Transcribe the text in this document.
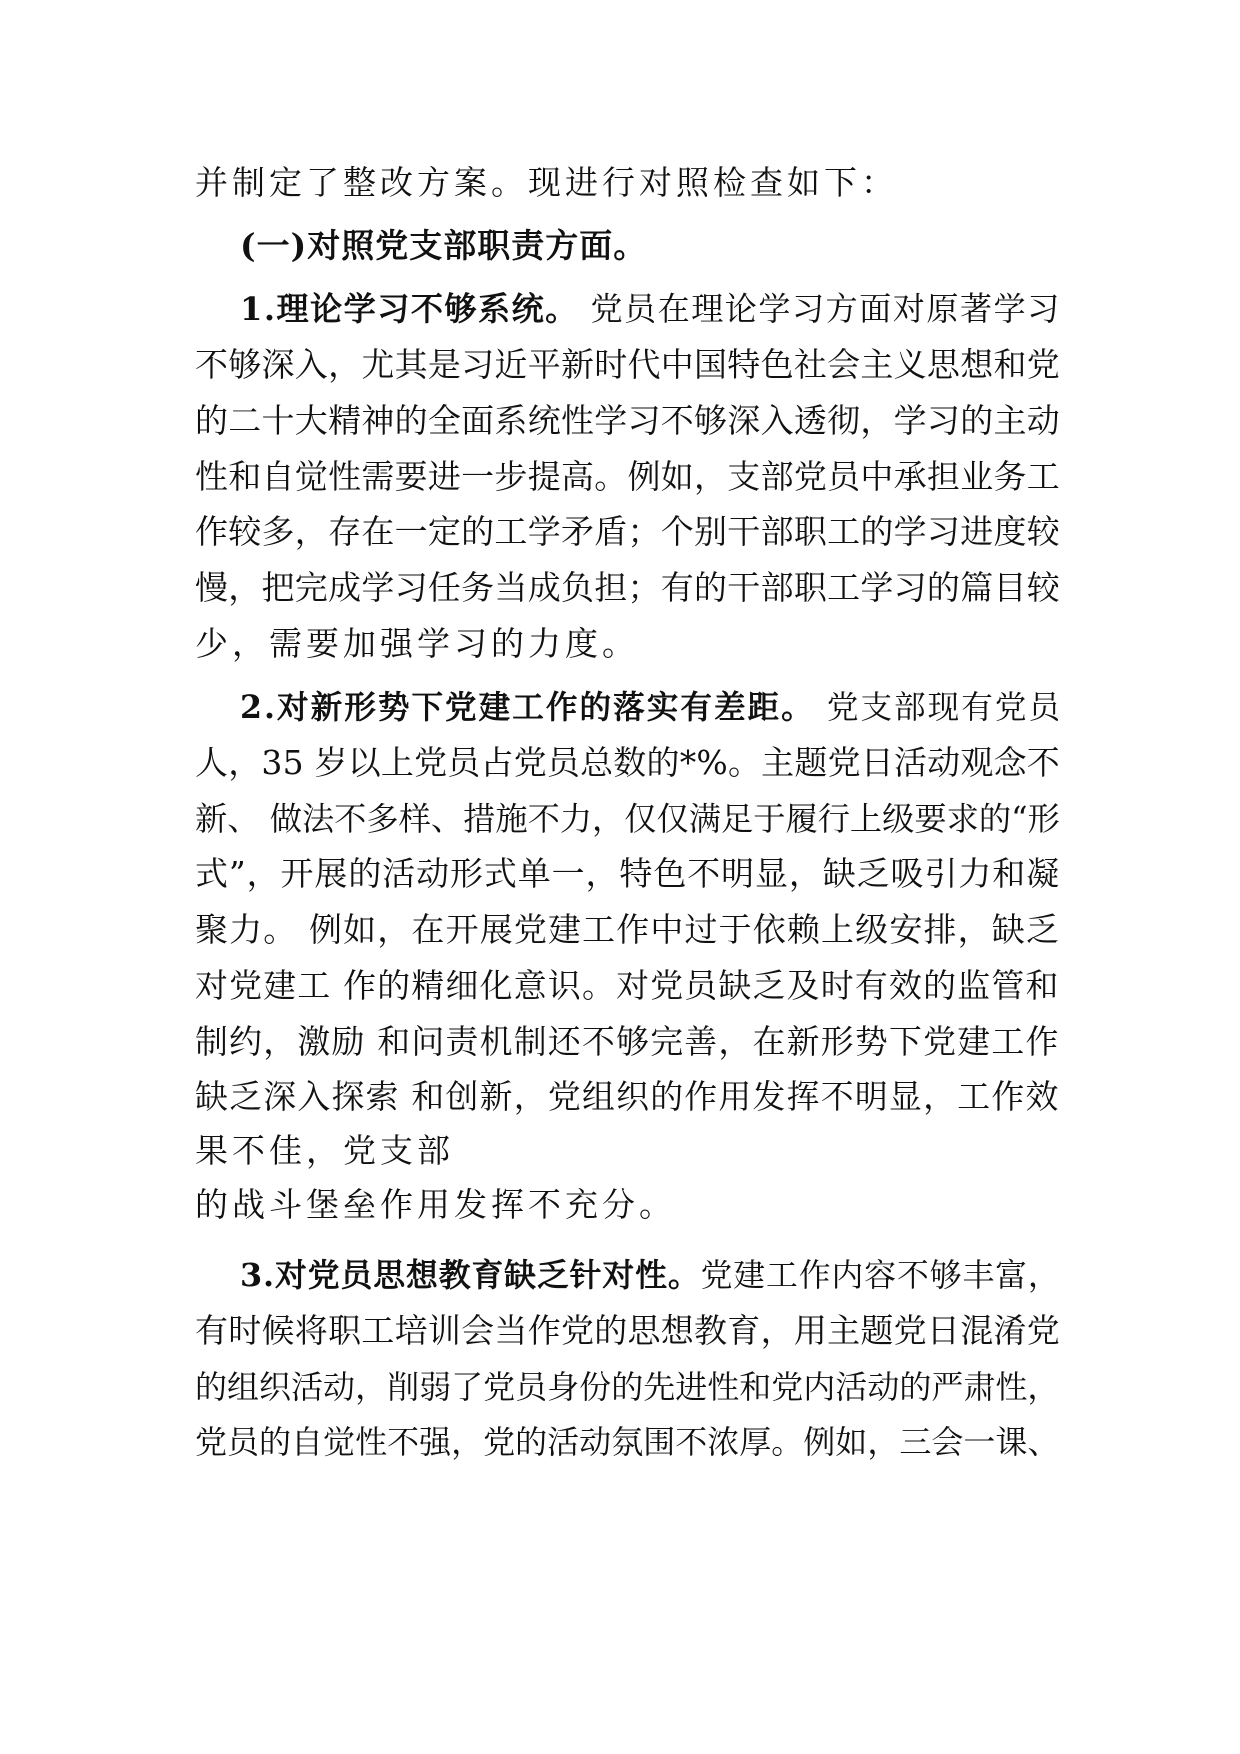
并制定了整改方案。现进行对照检查如下：

(一)对照党支部职责方面。

1.理论学习不够系统。 党员在理论学习方面对原著学习

不够深入，尤其是习近平新时代中国特色社会主义思想和党

的二十大精神的全面系统性学习不够深入透彻，学习的主动

性和自觉性需要进一步提高。例如，支部党员中承担业务工

作较多，存在一定的工学矛盾；个别干部职工的学习进度较

慢，把完成学习任务当成负担；有的干部职工学习的篇目较

少，需要加强学习的力度。

2.对新形势下党建工作的落实有差距。 党支部现有党员

人，35 岁以上党员占党员总数的*%。主题党日活动观念不

新、 做法不多样、措施不力，仅仅满足于履行上级要求的“形

式”，开展的活动形式单一，特色不明显，缺乏吸引力和凝

聚力。 例如，在开展党建工作中过于依赖上级安排，缺乏

对党建工 作的精细化意识。对党员缺乏及时有效的监管和

制约，激励 和问责机制还不够完善，在新形势下党建工作

缺乏深入探索 和创新，党组织的作用发挥不明显，工作效

果不佳，党支部

的战斗堡垒作用发挥不充分。

3.对党员思想教育缺乏针对性。党建工作内容不够丰富，

有时候将职工培训会当作党的思想教育，用主题党日混淆党

的组织活动，削弱了党员身份的先进性和党内活动的严肃性，

党员的自觉性不强，党的活动氛围不浓厚。例如，三会一课、
